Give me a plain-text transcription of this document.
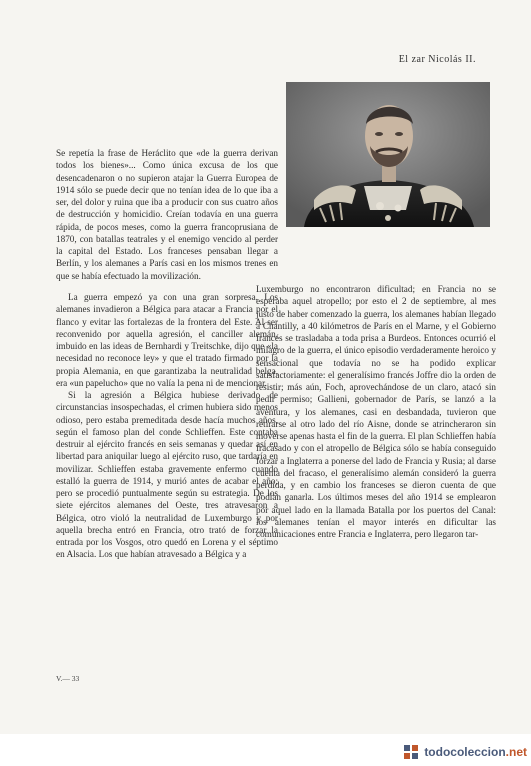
El zar Nicolás II.

Se repetía la frase de Heráclito que «de la guerra derivan todos los bienes»... Como única excusa de los que desencadenaron o no supieron atajar la Guerra Europea de 1914 sólo se puede decir que no tenían idea de lo que iba a ser, del dolor y ruina que iba a producir con sus cuatro años de destrucción y homicidio. Creían todavía en una guerra rápida, de pocos meses, como la guerra francoprusiana de 1870, con batallas teatrales y el enemigo vencido al perder la capital del Estado. Los franceses pensaban llegar a Berlín, y los alemanes a París casi en los mismos trenes en que se había efectuado la movilización.

La guerra empezó ya con una gran sorpresa. Los alemanes invadieron a Bélgica para atacar a Francia por el flanco y evitar las fortalezas de la frontera del Este. Al ser reconvenido por aquella agresión, el canciller alemán, imbuido en las ideas de Bernhardi y Treitschke, dijo que «la necesidad no reconoce ley» y que el tratado firmado por la propia Alemania, en que garantizaba la neutralidad belga, era «un papelucho» que no valía la pena ni de mencionar.

Si la agresión a Bélgica hubiese derivado de circunstancias insospechadas, el crimen hubiera sido menos odioso, pero estaba premeditada desde hacía muchos años, según el famoso plan del conde Schlieffen. Este contaba destruir al ejército francés en seis semanas y quedar así en libertad para aniquilar luego al ejército ruso, que tardaría en movilizar. Schlieffen estaba gravemente enfermo cuando estalló la guerra de 1914, y murió antes de acabar el año; pero se procedió puntualmente según su estrategia. De los siete ejércitos alemanes del Oeste, tres atravesaron a Bélgica, otro violó la neutralidad de Luxemburgo y por aquella brecha entró en Francia, otro trató de forzar la entrada por los Vosgos, otro quedó en Lorena y el séptimo en Alsacia. Los que habían atravesado a Bélgica y a

Luxemburgo no encontraron dificultad; en Francia no se esperaba aquel atropello; por esto el 2 de septiembre, al mes justo de haber comenzado la guerra, los alemanes habían llegado a Chantilly, a 40 kilómetros de París en el Marne, y el Gobierno francés se trasladaba a toda prisa a Burdeos. Entonces ocurrió el milagro de la guerra, el único episodio verdaderamente heroico y sensacional que todavía no se ha podido explicar satisfactoriamente: el generalísimo francés Joffre dio la orden de resistir; más aún, Foch, aprovechándose de un claro, atacó sin pedir permiso; Gallieni, gobernador de París, se lanzó a la aventura, y los alemanes, casi en desbandada, tuvieron que retirarse al otro lado del río Aisne, donde se atrincheraron sin moverse apenas hasta el fin de la guerra. El plan Schlieffen había fracasado y con el atropello de Bélgica sólo se había conseguido forzar a Inglaterra a ponerse del lado de Francia y Rusia; al darse cuenta del fracaso, el generalísimo alemán consideró la guerra perdida, y en cambio los franceses se dieron cuenta de que podían ganarla. Los últimos meses del año 1914 se emplearon por aquel lado en la llamada Batalla por los puertos del Canal: los alemanes tenían el mayor interés en dificultar las comunicaciones entre Francia e Inglaterra, pero llegaron tar-

V.— 33
todocoleccion.net
